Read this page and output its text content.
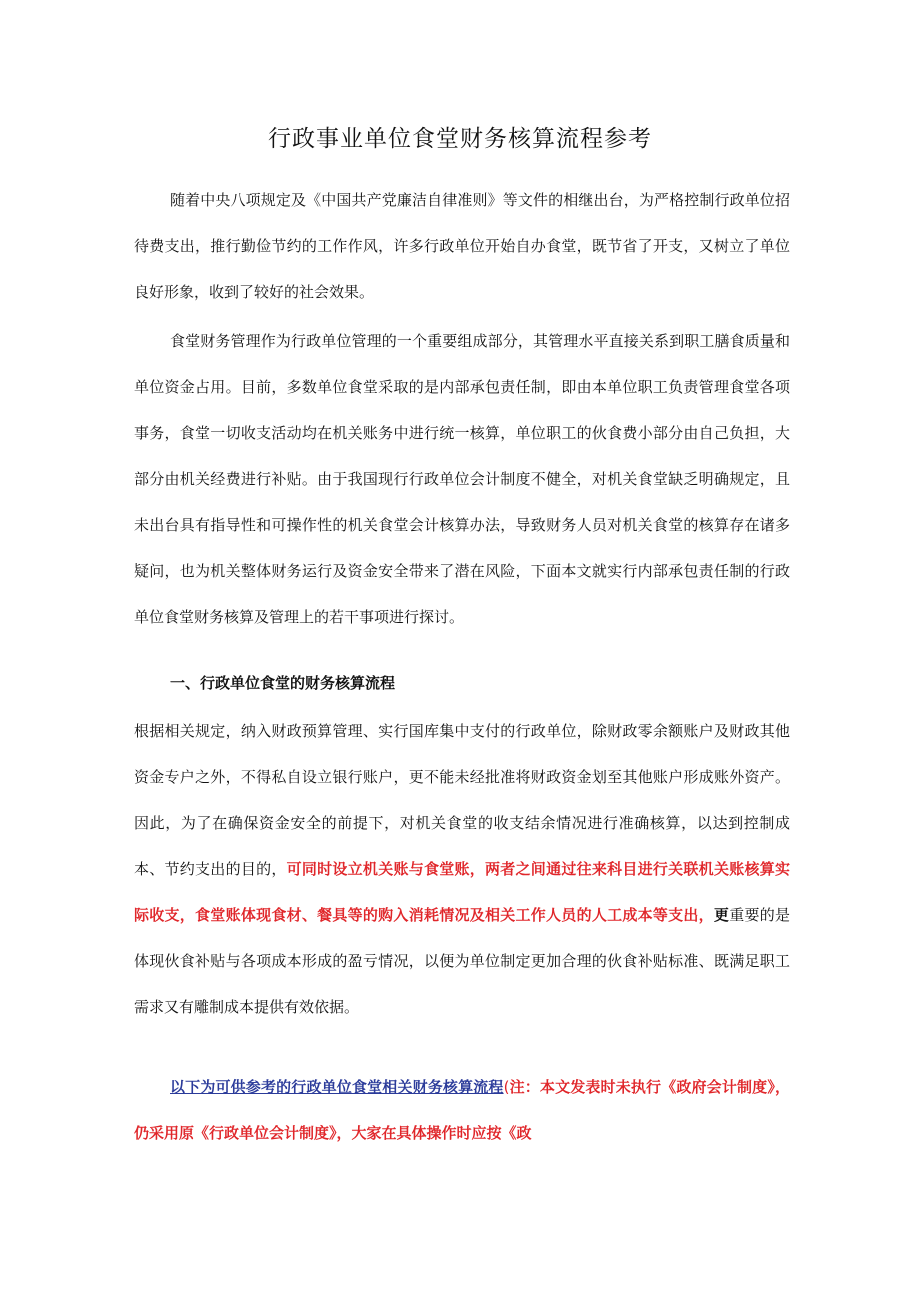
行政事业单位食堂财务核算流程参考

随着中央八项规定及《中国共产党廉洁自律准则》等文件的相继出台，为严格控制行政单位招待费支出，推行勤俭节约的工作作风，许多行政单位开始自办食堂，既节省了开支，又树立了单位良好形象，收到了较好的社会效果。

食堂财务管理作为行政单位管理的一个重要组成部分，其管理水平直接关系到职工膳食质量和单位资金占用。目前，多数单位食堂采取的是内部承包责任制，即由本单位职工负责管理食堂各项事务，食堂一切收支活动均在机关账务中进行统一核算，单位职工的伙食费小部分由自己负担，大部分由机关经费进行补贴。由于我国现行行政单位会计制度不健全，对机关食堂缺乏明确规定，且未出台具有指导性和可操作性的机关食堂会计核算办法，导致财务人员对机关食堂的核算存在诸多疑问，也为机关整体财务运行及资金安全带来了潜在风险，下面本文就实行内部承包责任制的行政单位食堂财务核算及管理上的若干事项进行探讨。

一、行政单位食堂的财务核算流程

根据相关规定，纳入财政预算管理、实行国库集中支付的行政单位，除财政零余额账户及财政其他资金专户之外，不得私自设立银行账户，更不能未经批准将财政资金划至其他账户形成账外资产。因此，为了在确保资金安全的前提下，对机关食堂的收支结余情况进行准确核算，以达到控制成本、节约支出的目的，可同时设立机关账与食堂账，两者之间通过往来科目进行关联机关账核算实际收支，食堂账体现食材、餐具等的购入消耗情况及相关工作人员的人工成本等支出，更重要的是体现伙食补贴与各项成本形成的盈亏情况，以便为单位制定更加合理的伙食补贴标准、既满足职工需求又有雕制成本提供有效依据。

以下为可供参考的行政单位食堂相关财务核算流程(注：本文发表时未执行《政府会计制度》，仍采用原《行政单位会计制度》，大家在具体操作时应按《政
